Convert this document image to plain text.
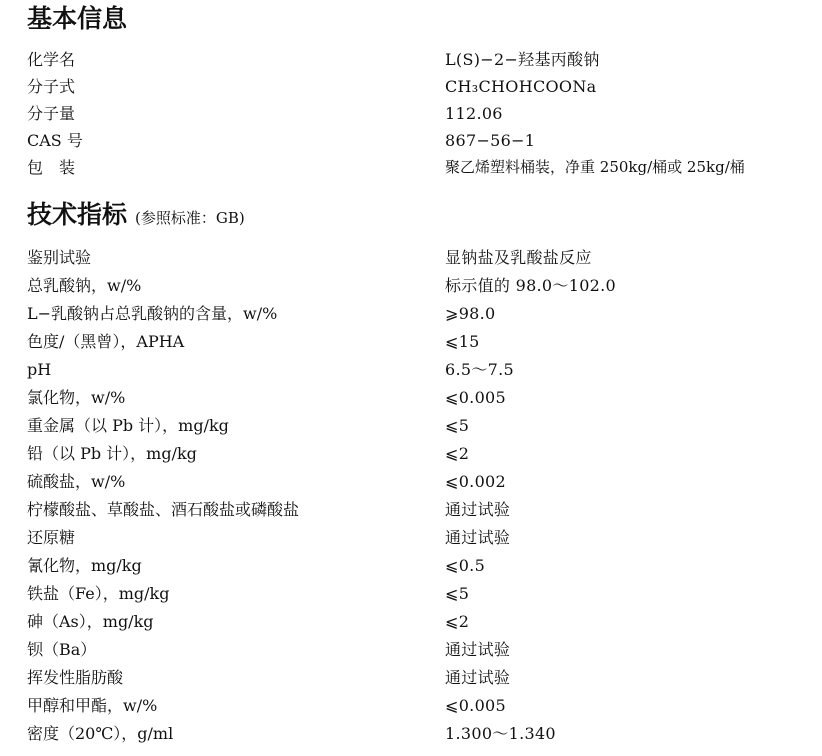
基本信息
化学名	L(S)−2−羟基丙酸钠
分子式	CH₃CHOHCOONa
分子量	112.06
CAS 号	867−56−1
包　装	聚乙烯塑料桶装，净重 250kg/桶或 25kg/桶
技术指标 (参照标准：GB)
鉴别试验	显钠盐及乳酸盐反应
总乳酸钠，w/%	标示值的 98.0～102.0
L−乳酸钠占总乳酸钠的含量，w/%	⩾98.0
色度/（黑曾），APHA	⩽15
pH	6.5～7.5
氯化物，w/%	⩽0.005
重金属（以 Pb 计），mg/kg	⩽5
铅（以 Pb 计），mg/kg	⩽2
硫酸盐，w/%	⩽0.002
柠檬酸盐、草酸盐、酒石酸盐或磷酸盐	通过试验
还原糖	通过试验
氰化物，mg/kg	⩽0.5
铁盐（Fe），mg/kg	⩽5
砷（As），mg/kg	⩽2
钡（Ba）	通过试验
挥发性脂肪酸	通过试验
甲醇和甲酯，w/%	⩽0.005
密度（20℃），g/ml	1.300～1.340
